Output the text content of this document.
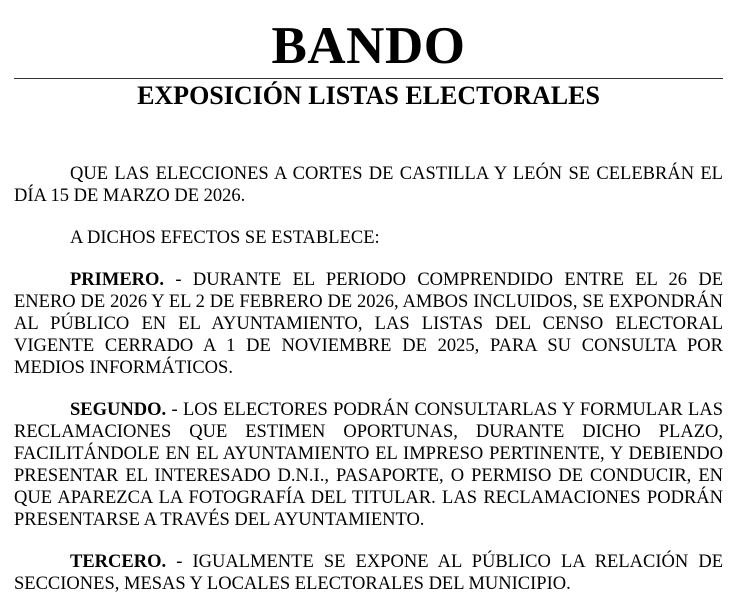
BANDO
EXPOSICIÓN LISTAS ELECTORALES

QUE LAS ELECCIONES A CORTES DE CASTILLA Y LEÓN SE CELEBRÁN EL DÍA 15 DE MARZO DE 2026.

A DICHOS EFECTOS SE ESTABLECE:

PRIMERO. - DURANTE EL PERIODO COMPRENDIDO ENTRE EL 26 DE ENERO DE 2026 Y EL 2 DE FEBRERO DE 2026, AMBOS INCLUIDOS, SE EXPONDRÁN AL PÚBLICO EN EL AYUNTAMIENTO, LAS LISTAS DEL CENSO ELECTORAL VIGENTE CERRADO A 1 DE NOVIEMBRE DE 2025, PARA SU CONSULTA POR MEDIOS INFORMÁTICOS.

SEGUNDO. - LOS ELECTORES PODRÁN CONSULTARLAS Y FORMULAR LAS RECLAMACIONES QUE ESTIMEN OPORTUNAS, DURANTE DICHO PLAZO, FACILITÁNDOLE EN EL AYUNTAMIENTO EL IMPRESO PERTINENTE, Y DEBIENDO PRESENTAR EL INTERESADO D.N.I., PASAPORTE, O PERMISO DE CONDUCIR, EN QUE APAREZCA LA FOTOGRAFÍA DEL TITULAR. LAS RECLAMACIONES PODRÁN PRESENTARSE A TRAVÉS DEL AYUNTAMIENTO.

TERCERO. - IGUALMENTE SE EXPONE AL PÚBLICO LA RELACIÓN DE SECCIONES, MESAS Y LOCALES ELECTORALES DEL MUNICIPIO.
